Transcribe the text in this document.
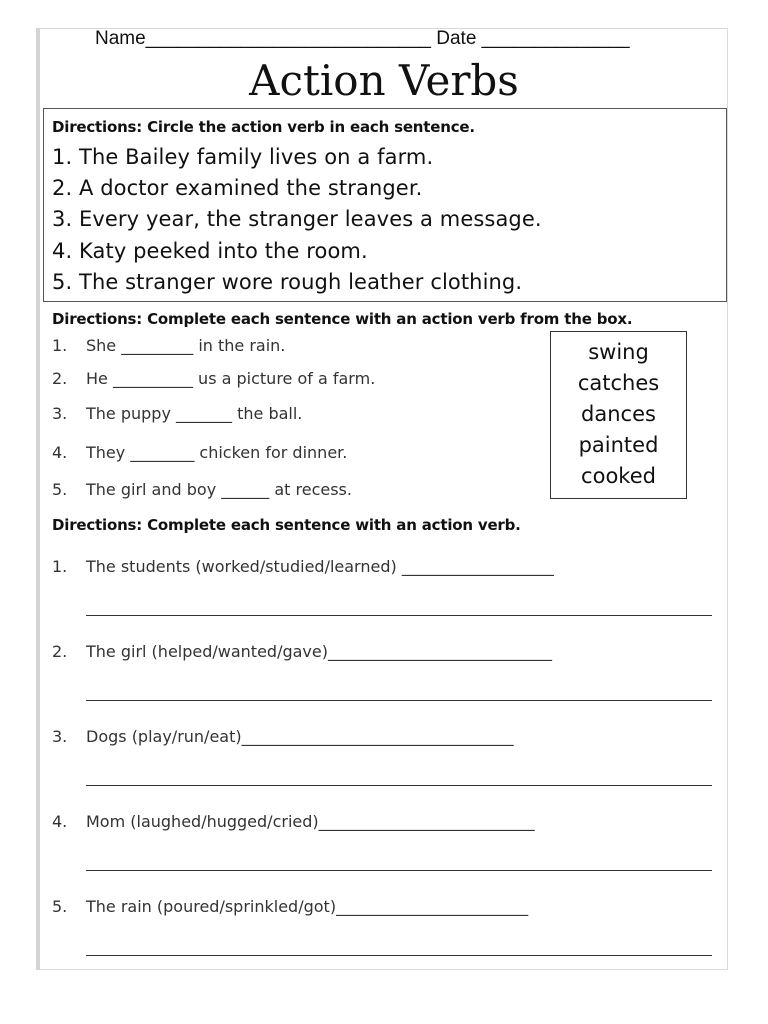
Name___________________________ Date ______________
Action Verbs
Directions: Circle the action verb in each sentence.
1. The Bailey family lives on a farm.
2. A doctor examined the stranger.
3. Every year, the stranger leaves a message.
4. Katy peeked into the room.
5. The stranger wore rough leather clothing.
Directions: Complete each sentence with an action verb from the box.
1. She _________ in the rain.
2. He __________ us a picture of a farm.
3. The puppy _______ the ball.
4. They ________ chicken for dinner.
5. The girl and boy ______ at recess.
swing
catches
dances
painted
cooked
Directions: Complete each sentence with an action verb.
1. The students (worked/studied/learned) ___________________
2. The girl (helped/wanted/gave)____________________________
3. Dogs (play/run/eat)__________________________________
4. Mom (laughed/hugged/cried)___________________________
5. The rain (poured/sprinkled/got)________________________
